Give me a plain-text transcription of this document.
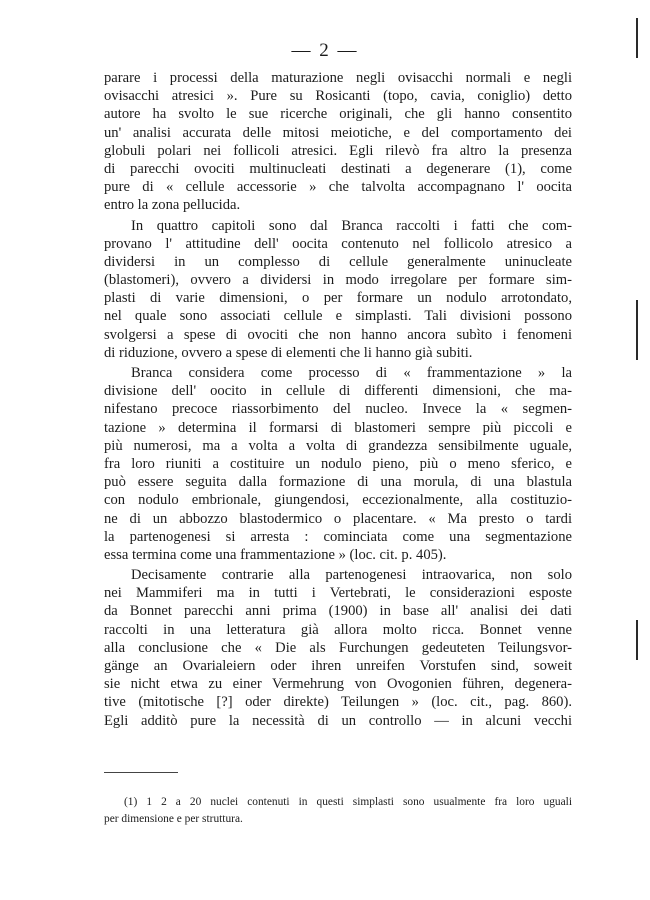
— 2 —
parare i processi della maturazione negli ovisacchi normali e negli
ovisacchi atresici ». Pure su Rosicanti (topo, cavia, coniglio) detto
autore ha svolto le sue ricerche originali, che gli hanno consentito
un' analisi accurata delle mitosi meiotiche, e del comportamento dei
globuli polari nei follicoli atresici. Egli rilevò fra altro la presenza
di parecchi ovociti multinucleati destinati a degenerare (1), come
pure di « cellule accessorie » che talvolta accompagnano l' oocita
entro la zona pellucida.
In quattro capitoli sono dal Branca raccolti i fatti che com-
provano l' attitudine dell' oocita contenuto nel follicolo atresico a
dividersi in un complesso di cellule generalmente uninucleate
(blastomeri), ovvero a dividersi in modo irregolare per formare sim-
plasti di varie dimensioni, o per formare un nodulo arrotondato,
nel quale sono associati cellule e simplasti. Tali divisioni possono
svolgersi a spese di ovociti che non hanno ancora subìto i fenomeni
di riduzione, ovvero a spese di elementi che li hanno già subiti.
Branca considera come processo di « frammentazione » la
divisione dell' oocito in cellule di differenti dimensioni, che ma-
nifestano precoce riassorbimento del nucleo. Invece la « segmen-
tazione » determina il formarsi di blastomeri sempre più piccoli e
più numerosi, ma a volta a volta di grandezza sensibilmente uguale,
fra loro riuniti a costituire un nodulo pieno, più o meno sferico, e
può essere seguita dalla formazione di una morula, di una blastula
con nodulo embrionale, giungendosi, eccezionalmente, alla costituzio-
ne di un abbozzo blastodermico o placentare. « Ma presto o tardi
la partenogenesi si arresta : cominciata come una segmentazione
essa termina come una frammentazione » (loc. cit. p. 405).
Decisamente contrarie alla partenogenesi intraovarica, non solo
nei Mammiferi ma in tutti i Vertebrati, le considerazioni esposte
da Bonnet parecchi anni prima (1900) in base all' analisi dei dati
raccolti in una letteratura già allora molto ricca. Bonnet venne
alla conclusione che « Die als Furchungen gedeuteten Teilungsvor-
gänge an Ovarialeiern oder ihren unreifen Vorstufen sind, soweit
sie nicht etwa zu einer Vermehrung von Ovogonien führen, degenera-
tive (mitotische [?] oder direkte) Teilungen » (loc. cit., pag. 860).
Egli additò pure la necessità di un controllo — in alcuni vecchi
(1) 1 2 a 20 nuclei contenuti in questi simplasti sono usualmente fra loro uguali
per dimensione e per struttura.
